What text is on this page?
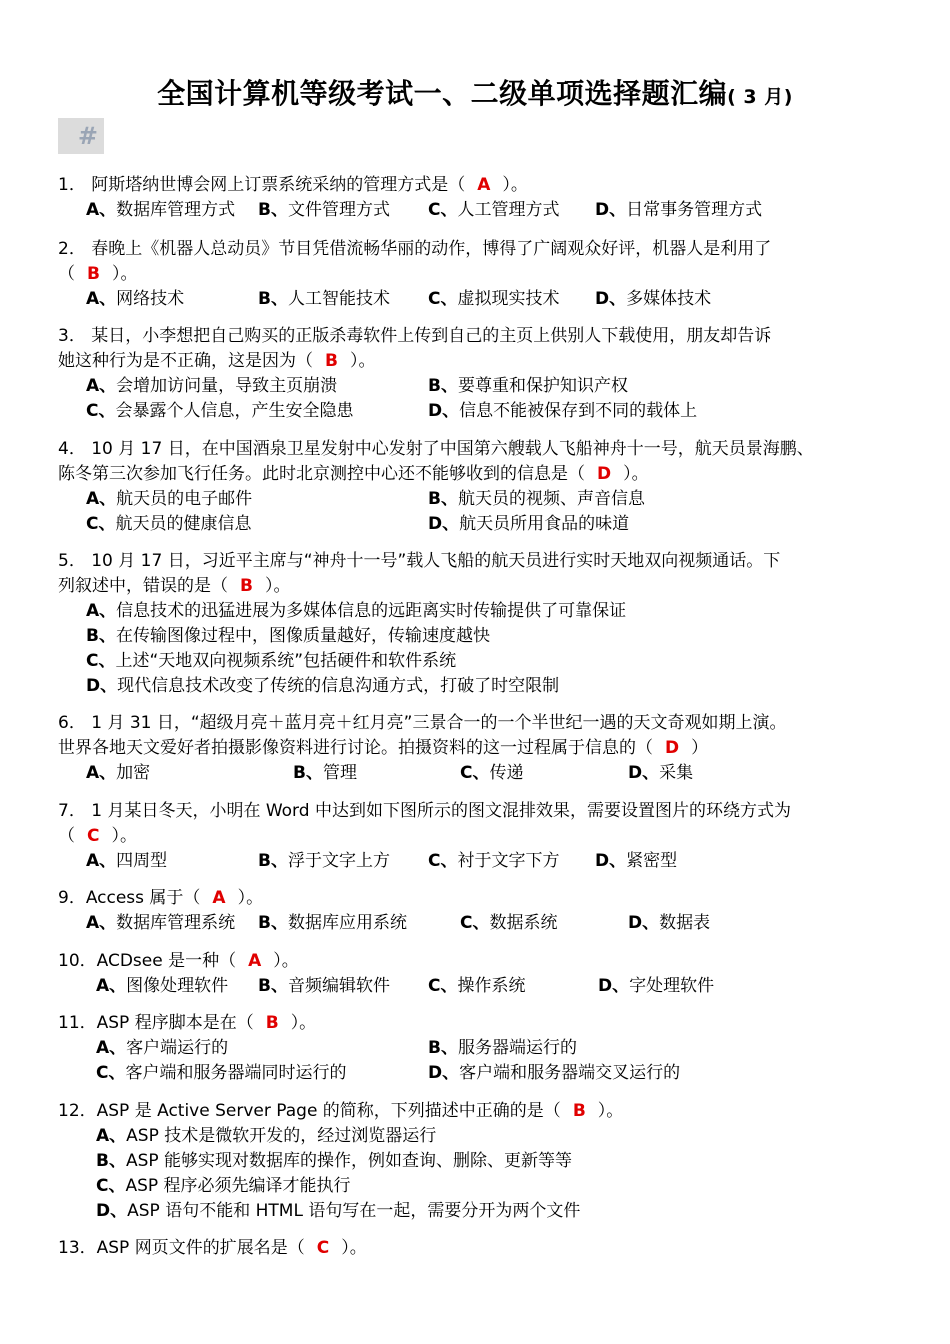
全国计算机等级考试一、二级单项选择题汇编( 3 月)
#
1． 阿斯塔纳世博会网上订票系统采纳的管理方式是（ A ）。
A、数据库管理方式 B、文件管理方式 C、人工管理方式 D、日常事务管理方式
2． 春晚上《机器人总动员》节目凭借流畅华丽的动作，博得了广阔观众好评，机器人是利用了
（ B ）。
A、网络技术	B、人工智能技术 C、虚拟现实技术 D、多媒体技术
3． 某日，小李想把自己购买的正版杀毒软件上传到自己的主页上供别人下载使用，朋友却告诉
她这种行为是不正确，这是因为（ B ）。
A、会增加访问量，导致主页崩溃	B、要尊重和保护知识产权
C、会暴露个人信息，产生安全隐患	D、信息不能被保存到不同的载体上
4． 10 月 17 日，在中国酒泉卫星发射中心发射了中国第六艘载人飞船神舟十一号，航天员景海鹏、
陈冬第三次参加飞行任务。此时北京测控中心还不能够收到的信息是（ D ）。
A、航天员的电子邮件	B、航天员的视频、声音信息
C、航天员的健康信息	D、航天员所用食品的味道
5． 10 月 17 日，习近平主席与“神舟十一号”载人飞船的航天员进行实时天地双向视频通话。下
列叙述中，错误的是（ B ）。
A、信息技术的迅猛进展为多媒体信息的远距离实时传输提供了可靠保证
B、在传输图像过程中，图像质量越好，传输速度越快
C、上述“天地双向视频系统”包括硬件和软件系统
D、现代信息技术改变了传统的信息沟通方式，打破了时空限制
6． 1 月 31 日，“超级月亮＋蓝月亮＋红月亮”三景合一的一个半世纪一遇的天文奇观如期上演。
世界各地天文爱好者拍摄影像资料进行讨论。拍摄资料的这一过程属于信息的（ D ）
A、加密	B、管理	C、传递	D、采集
7． 1 月某日冬天，小明在 Word 中达到如下图所示的图文混排效果，需要设置图片的环绕方式为
（ C ）。
A、四周型	B、浮于文字上方 C、衬于文字下方 D、紧密型
9．Access 属于（ A ）。
A、数据库管理系统 B、数据库应用系统	C、数据系统	D、数据表
10．ACDsee 是一种（ A ）。
A、图像处理软件 B、音频编辑软件 C、操作系统	D、字处理软件
11．ASP 程序脚本是在（ B ）。
A、客户端运行的	B、服务器端运行的
C、客户端和服务器端同时运行的	D、客户端和服务器端交叉运行的
12．ASP 是 Active Server Page 的简称，下列描述中正确的是（ B ）。
A、ASP 技术是微软开发的，经过浏览器运行
B、ASP 能够实现对数据库的操作，例如查询、删除、更新等等
C、ASP 程序必须先编译才能执行
D、ASP 语句不能和 HTML 语句写在一起，需要分开为两个文件
13．ASP 网页文件的扩展名是（ C ）。
